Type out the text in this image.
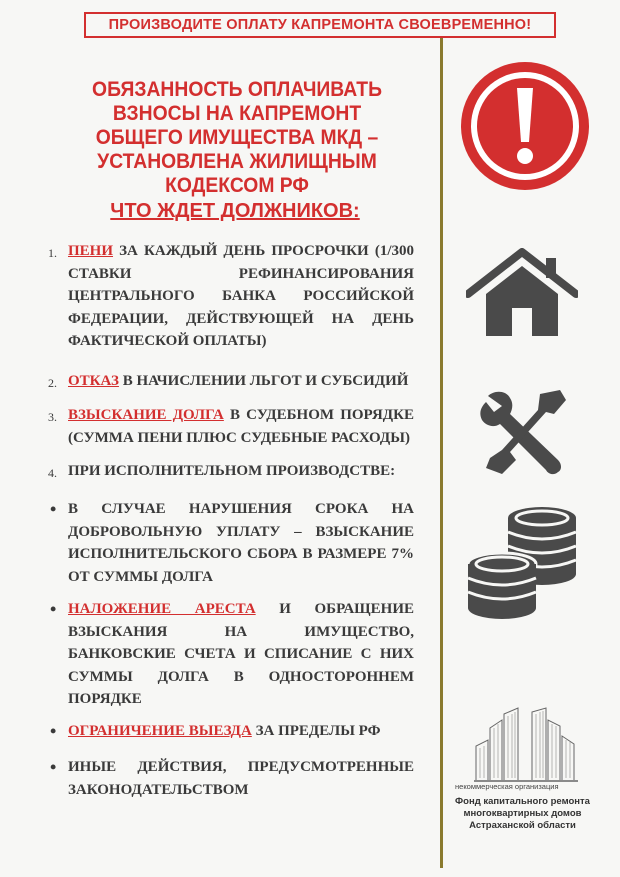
ПРОИЗВОДИТЕ ОПЛАТУ КАПРЕМОНТА СВОЕВРЕМЕННО!
ОБЯЗАННОСТЬ ОПЛАЧИВАТЬ ВЗНОСЫ НА КАПРЕМОНТ ОБЩЕГО ИМУЩЕСТВА МКД – УСТАНОВЛЕНА ЖИЛИЩНЫМ КОДЕКСОМ РФ
ЧТО ЖДЕТ ДОЛЖНИКОВ:
1. ПЕНИ ЗА КАЖДЫЙ ДЕНЬ ПРОСРОЧКИ (1/300 СТАВКИ РЕФИНАНСИРОВАНИЯ ЦЕНТРАЛЬНОГО БАНКА РОССИЙСКОЙ ФЕДЕРАЦИИ, ДЕЙСТВУЮЩЕЙ НА ДЕНЬ ФАКТИЧЕСКОЙ ОПЛАТЫ)
2. ОТКАЗ В НАЧИСЛЕНИИ ЛЬГОТ И СУБСИДИЙ
3. ВЗЫСКАНИЕ ДОЛГА В СУДЕБНОМ ПОРЯДКЕ (СУММА ПЕНИ ПЛЮС СУДЕБНЫЕ РАСХОДЫ)
4. ПРИ ИСПОЛНИТЕЛЬНОМ ПРОИЗВОДСТВЕ:
• В СЛУЧАЕ НАРУШЕНИЯ СРОКА НА ДОБРОВОЛЬНУЮ УПЛАТУ – ВЗЫСКАНИЕ ИСПОЛНИТЕЛЬСКОГО СБОРА В РАЗМЕРЕ 7% ОТ СУММЫ ДОЛГА
• НАЛОЖЕНИЕ АРЕСТА И ОБРАЩЕНИЕ ВЗЫСКАНИЯ НА ИМУЩЕСТВО, БАНКОВСКИЕ СЧЕТА И СПИСАНИЕ С НИХ СУММЫ ДОЛГА В ОДНОСТОРОННЕМ ПОРЯДКЕ
• ОГРАНИЧЕНИЕ ВЫЕЗДА ЗА ПРЕДЕЛЫ РФ
• ИНЫЕ ДЕЙСТВИЯ, ПРЕДУСМОТРЕННЫЕ ЗАКОНОДАТЕЛЬСТВОМ	некоммерческая организация
Фонд капитального ремонта
многоквартирных домов
Астраханской области
